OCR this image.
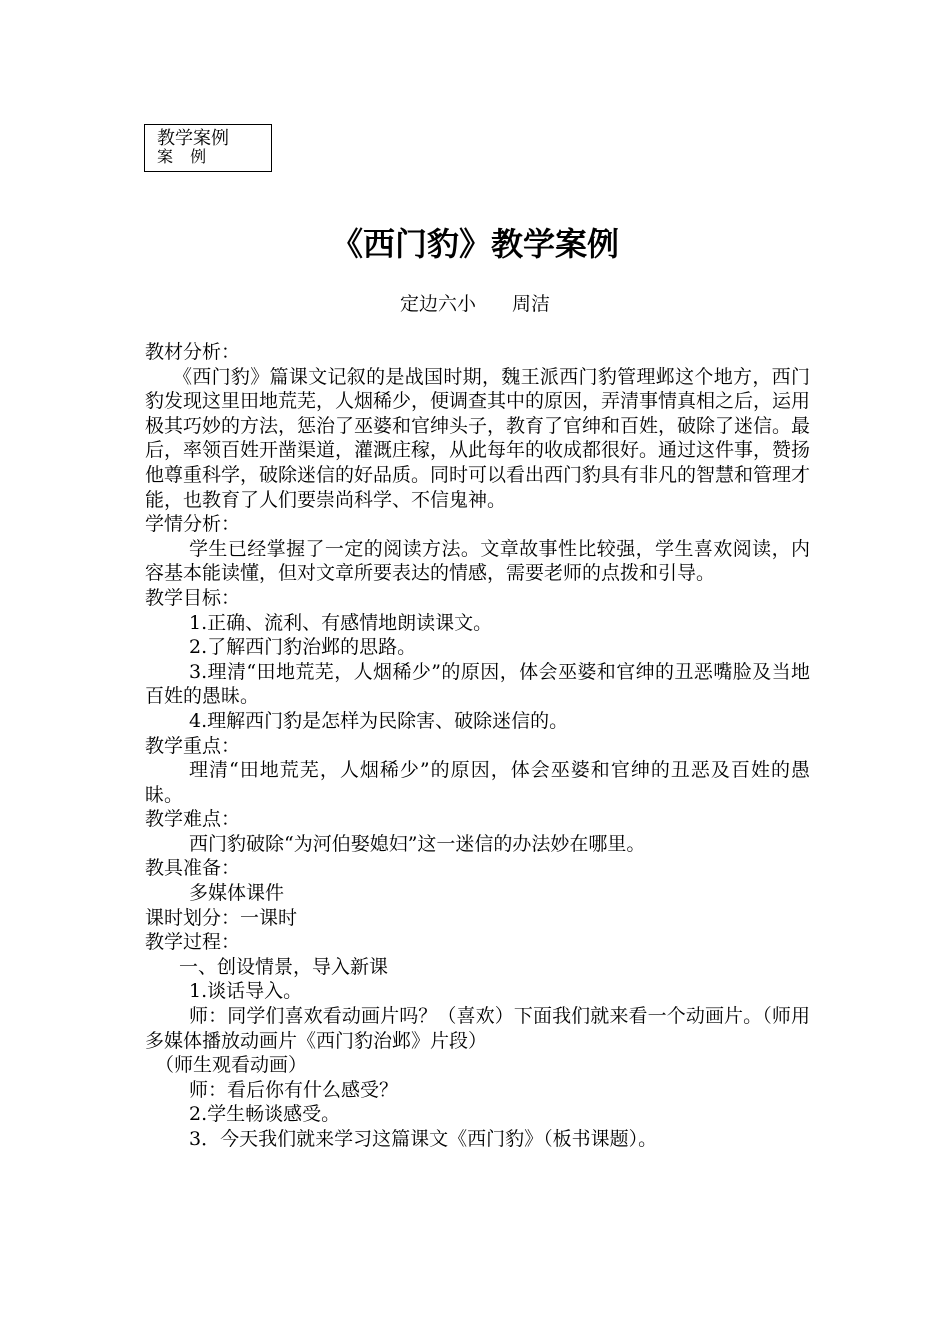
教学案例
案 例
《西门豹》教学案例
定边六小 周洁

教材分析：

《西门豹》篇课文记叙的是战国时期，魏王派西门豹管理邺这个地方，西门豹发现这里田地荒芜，人烟稀少，便调查其中的原因，弄清事情真相之后，运用极其巧妙的方法，惩治了巫婆和官绅头子，教育了官绅和百姓，破除了迷信。最后，率领百姓开凿渠道，灌溉庄稼，从此每年的收成都很好。通过这件事，赞扬他尊重科学，破除迷信的好品质。同时可以看出西门豹具有非凡的智慧和管理才能，也教育了人们要崇尚科学、不信鬼神。

学情分析：

学生已经掌握了一定的阅读方法。文章故事性比较强，学生喜欢阅读，内容基本能读懂，但对文章所要表达的情感，需要老师的点拨和引导。

教学目标：

1.正确、流利、有感情地朗读课文。

2.了解西门豹治邺的思路。

3.理清“田地荒芜，人烟稀少”的原因，体会巫婆和官绅的丑恶嘴脸及当地百姓的愚昧。

4.理解西门豹是怎样为民除害、破除迷信的。

教学重点：

理清“田地荒芜，人烟稀少”的原因，体会巫婆和官绅的丑恶及百姓的愚昧。

教学难点：

西门豹破除“为河伯娶媳妇”这一迷信的办法妙在哪里。

教具准备：

多媒体课件

课时划分：一课时

教学过程：

一、创设情景，导入新课

1.谈话导入。

师：同学们喜欢看动画片吗？（喜欢）下面我们就来看一个动画片。（师用多媒体播放动画片《西门豹治邺》片段）

（师生观看动画）

师：看后你有什么感受？

2.学生畅谈感受。

3．今天我们就来学习这篇课文《西门豹》（板书课题）。
